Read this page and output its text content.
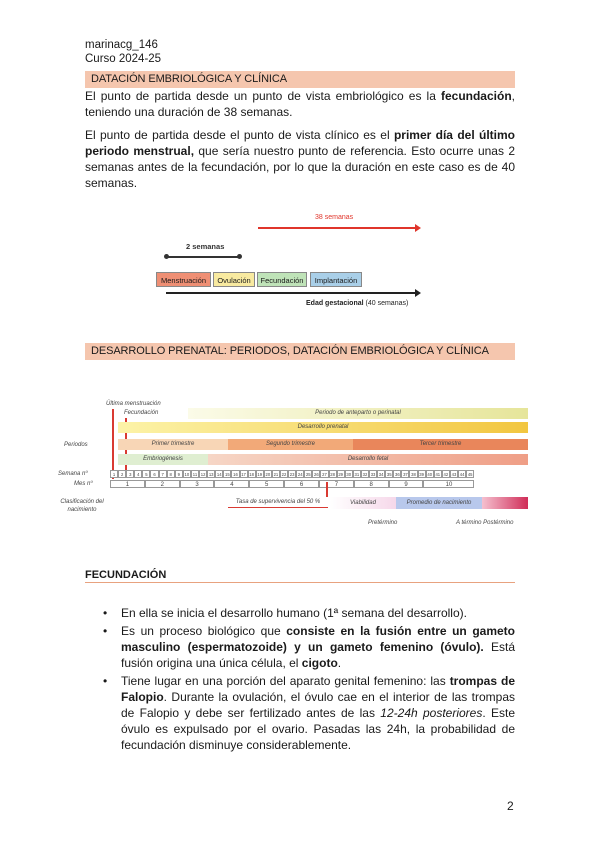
marinacg_146
Curso 2024-25
DATACIÓN EMBRIOLÓGICA Y CLÍNICA

El punto de partida desde un punto de vista embriológico es la fecundación, teniendo una duración de 38 semanas.

El punto de partida desde el punto de vista clínico es el primer día del último periodo menstrual, que sería nuestro punto de referencia. Esto ocurre unas 2 semanas antes de la fecundación, por lo que la duración en este caso es de 40 semanas.

38 semanas
2 semanas
Menstruación	Ovulación	Fecundación	Implantación
Edad gestacional (40 semanas)
DESARROLLO PRENATAL: PERIODOS, DATACIÓN EMBRIOLÓGICA Y CLÍNICA
Última menstruación
Fecundación	Periodo de anteparto o perinatal
Desarrollo prenatal
Periodos	Primer trimestre	Segundo trimestre	Tercer trimestre
Embriogénesis	Desarrollo fetal
Semana nº	1	2	3	4	5	6	7	8	9	10 11 12 13 14 15 16 17 18 19 20 21 22 23 24 25 26 27 28 29 30 31 32 33 34 35 36 37 38 39 40 41 42 43 44 45
Mes nº	1	2	3	4	5	6	7	8	9	10
Clasificación del nacimiento
Tasa de supervivencia del 50 %	Viabilidad	Promedio de nacimiento
Pretérmino	A término Postérmino
FECUNDACIÓN
• En ella se inicia el desarrollo humano (1ª semana del desarrollo).
• Es un proceso biológico que consiste en la fusión entre un gameto masculino (espermatozoide) y un gameto femenino (óvulo). Está fusión origina una única célula, el cigoto.
• Tiene lugar en una porción del aparato genital femenino: las trompas de Falopio. Durante la ovulación, el óvulo cae en el interior de las trompas de Falopio y debe ser fertilizado antes de las 12-24h posteriores. Este óvulo es expulsado por el ovario. Pasadas las 24h, la probabilidad de fecundación disminuye considerablemente.
2
